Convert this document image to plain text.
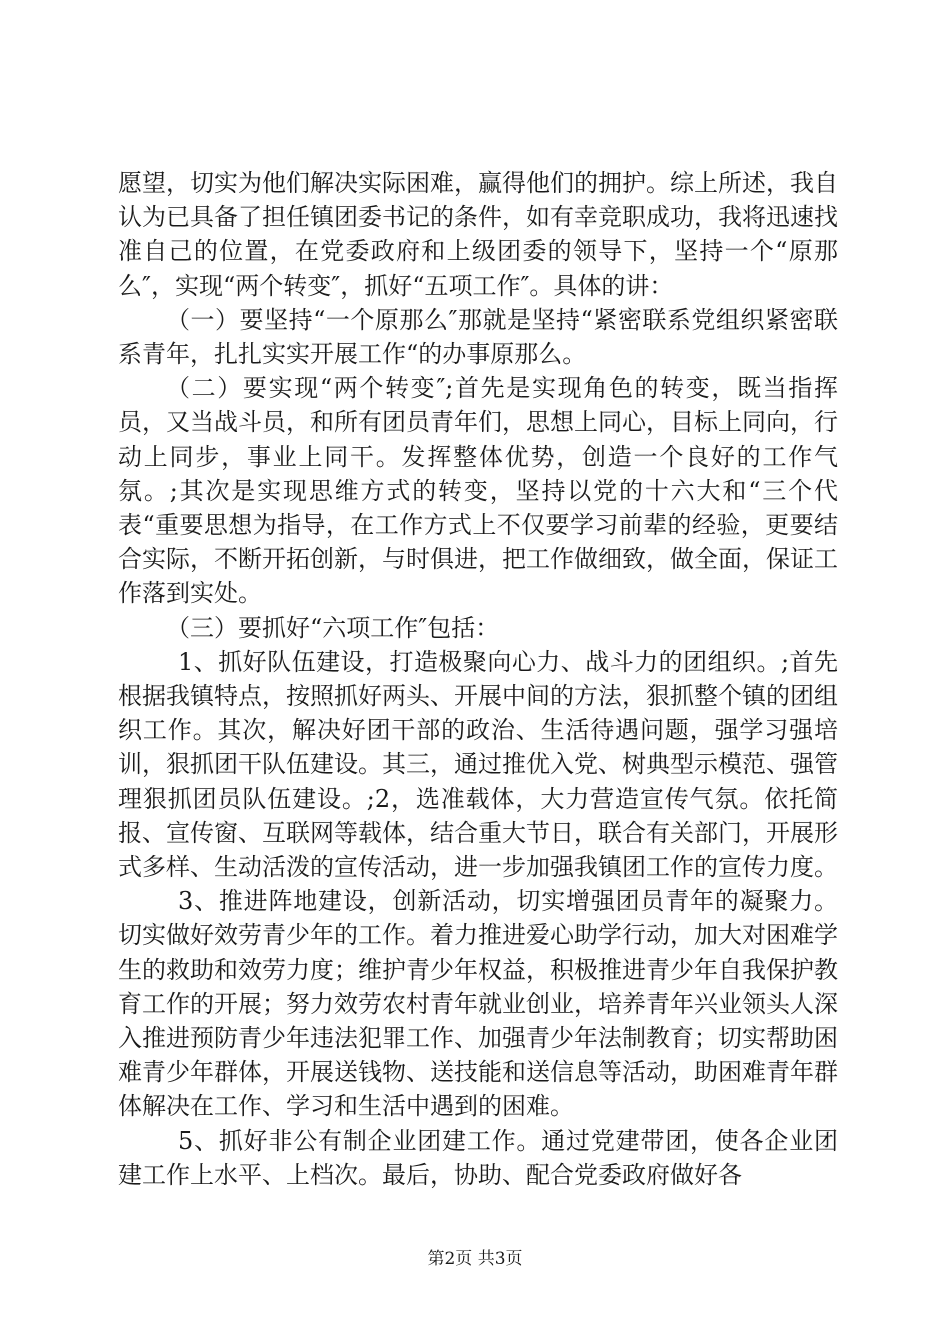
愿望，切实为他们解决实际困难，赢得他们的拥护。综上所述，我自认为已具备了担任镇团委书记的条件，如有幸竞职成功，我将迅速找准自己的位置，在党委政府和上级团委的领导下，坚持一个“原那么″，实现“两个转变″，抓好“五项工作″。具体的讲：

（一）要坚持“一个原那么″那就是坚持“紧密联系党组织紧密联系青年，扎扎实实开展工作“的办事原那么。

（二）要实现“两个转变″;首先是实现角色的转变，既当指挥员，又当战斗员，和所有团员青年们，思想上同心，目标上同向，行动上同步，事业上同干。发挥整体优势，创造一个良好的工作气氛。;其次是实现思维方式的转变，坚持以党的十六大和“三个代表“重要思想为指导，在工作方式上不仅要学习前辈的经验，更要结合实际，不断开拓创新，与时俱进，把工作做细致，做全面，保证工作落到实处。

（三）要抓好“六项工作″包括：

1、抓好队伍建设，打造极聚向心力、战斗力的团组织。;首先根据我镇特点，按照抓好两头、开展中间的方法，狠抓整个镇的团组织工作。其次，解决好团干部的政治、生活待遇问题，强学习强培训，狠抓团干队伍建设。其三，通过推优入党、树典型示模范、强管理狠抓团员队伍建设。;2，选准载体，大力营造宣传气氛。依托简报、宣传窗、互联网等载体，结合重大节日，联合有关部门，开展形式多样、生动活泼的宣传活动，进一步加强我镇团工作的宣传力度。

3、推进阵地建设，创新活动，切实增强团员青年的凝聚力。切实做好效劳青少年的工作。着力推进爱心助学行动，加大对困难学生的救助和效劳力度；维护青少年权益，积极推进青少年自我保护教育工作的开展；努力效劳农村青年就业创业，培养青年兴业领头人深入推进预防青少年违法犯罪工作、加强青少年法制教育；切实帮助困难青少年群体，开展送钱物、送技能和送信息等活动，助困难青年群体解决在工作、学习和生活中遇到的困难。

5、抓好非公有制企业团建工作。通过党建带团，使各企业团建工作上水平、上档次。最后，协助、配合党委政府做好各

第2页 共3页
